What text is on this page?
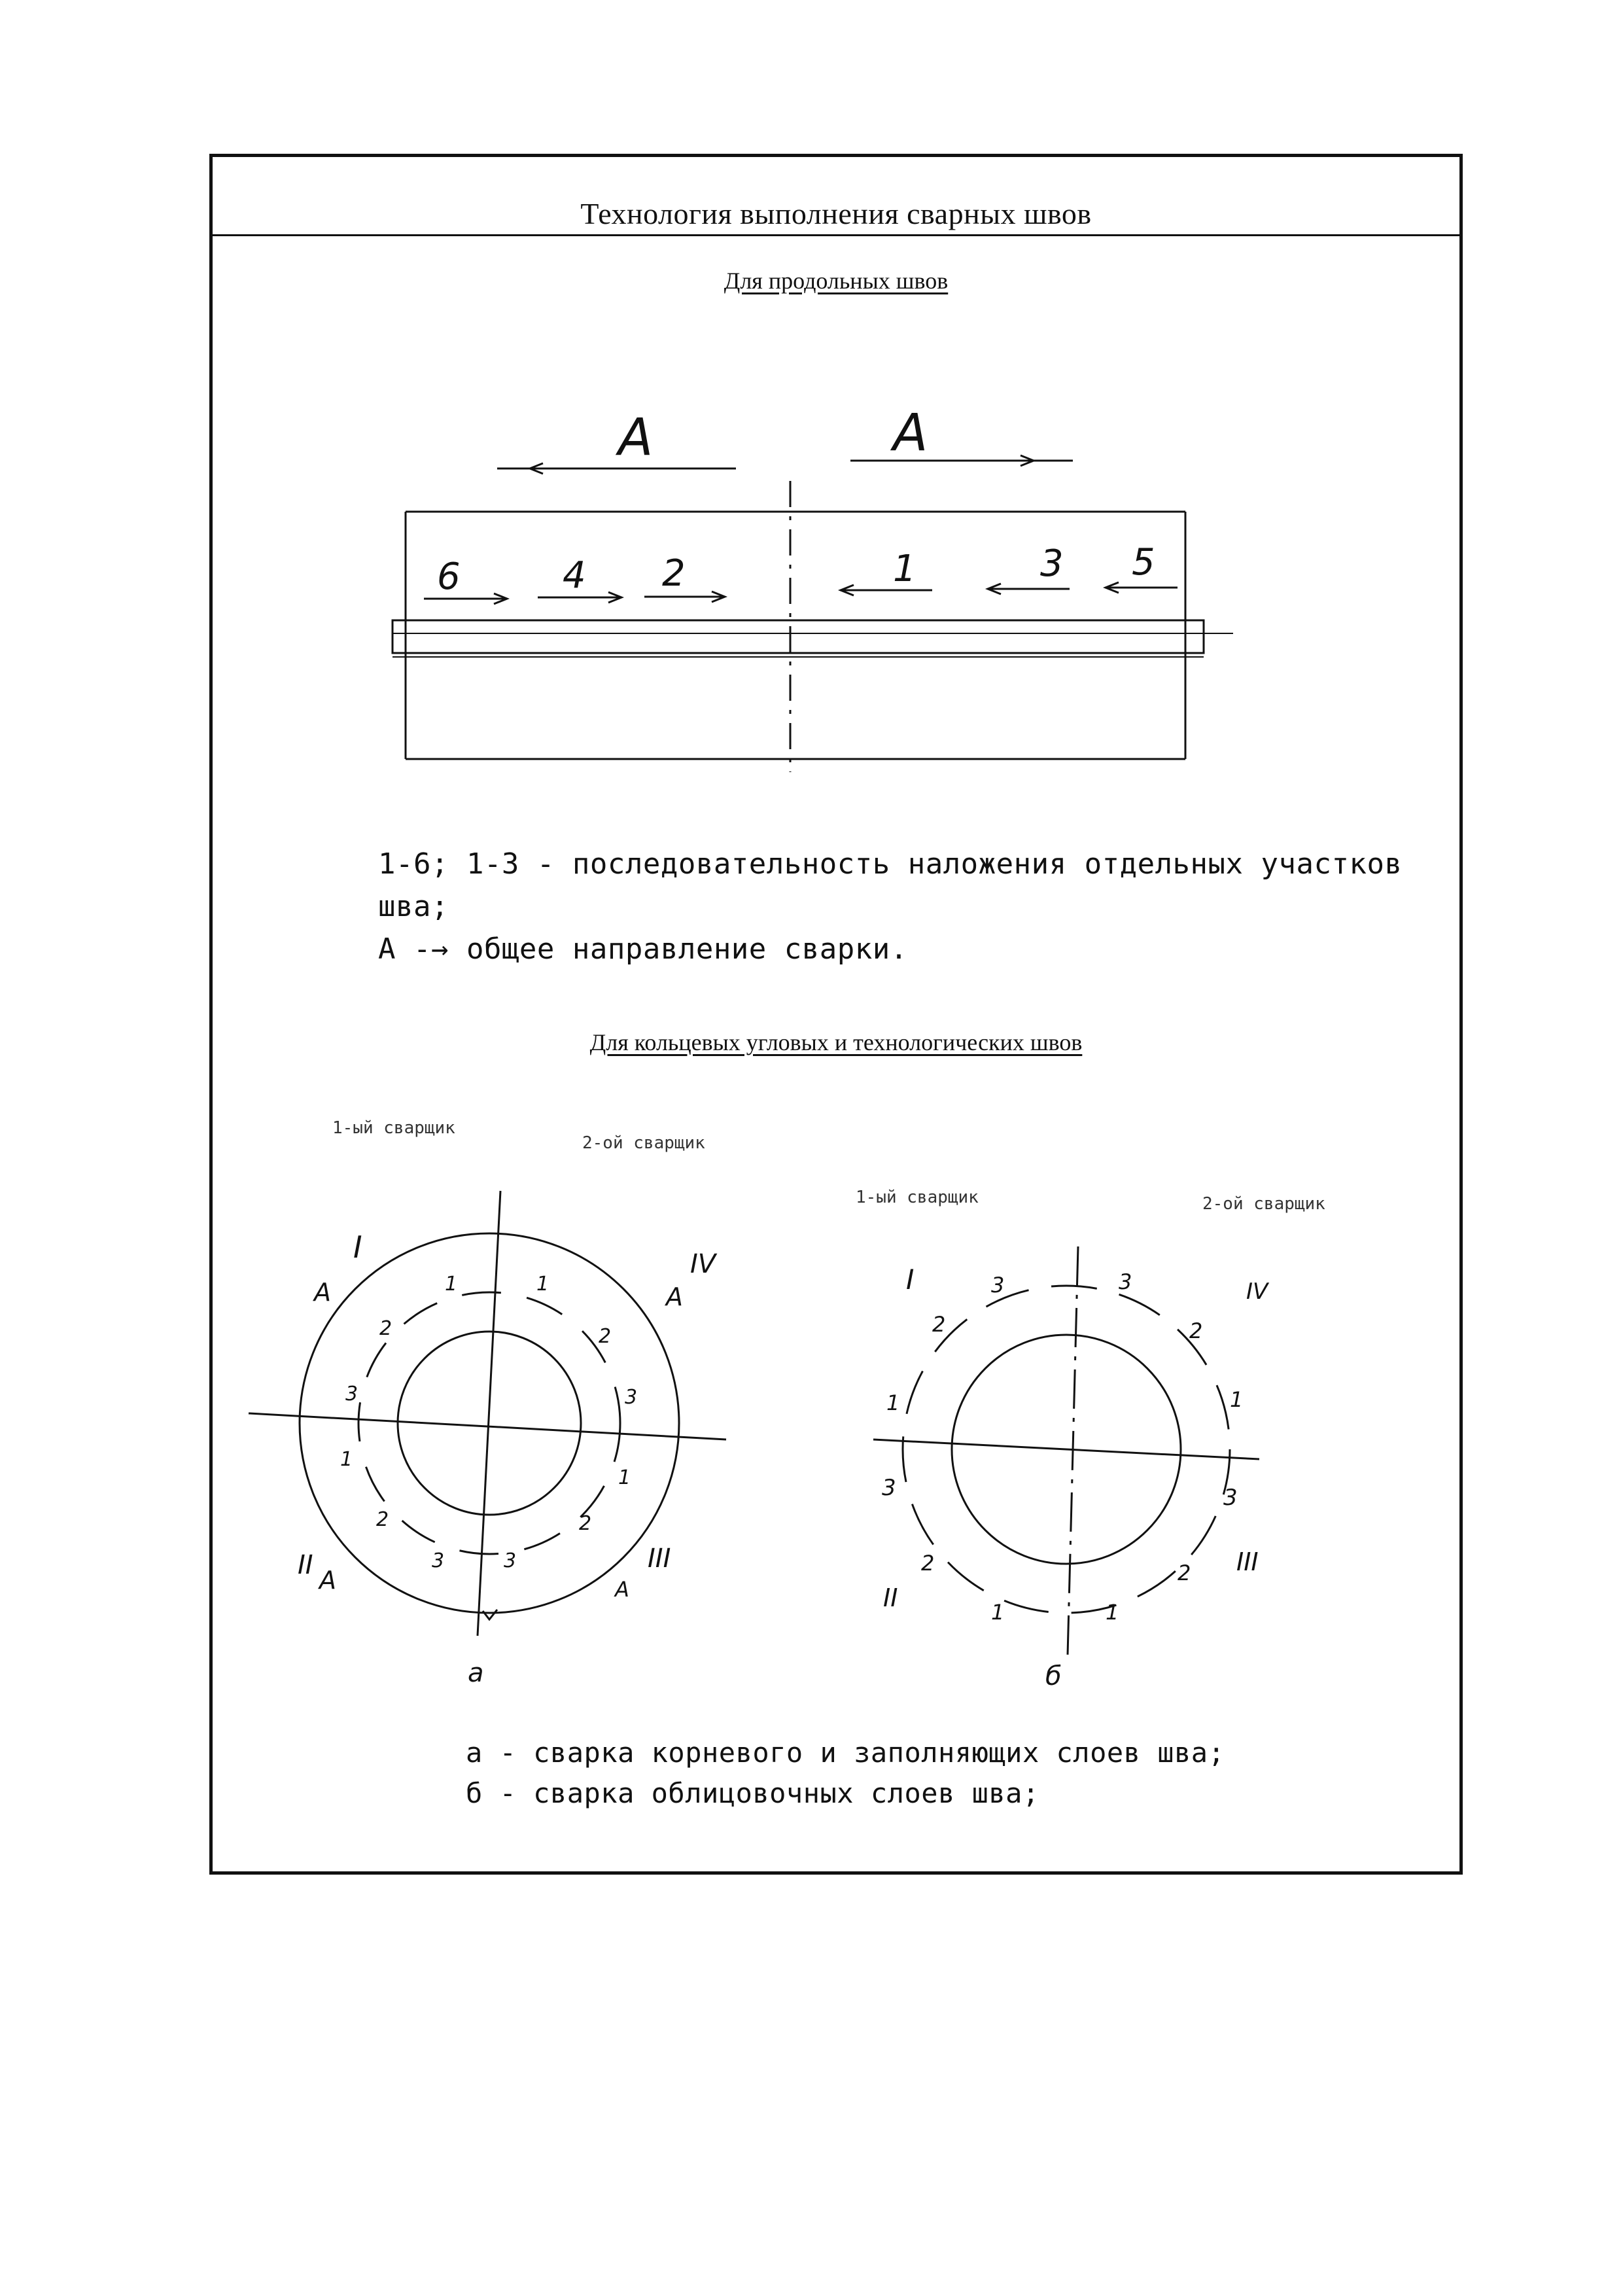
Технология выполнения сварных швов
Для продольных швов
А	А
6	4 2	1	3 5
1-6; 1-3 - последовательность наложения отдельных участков
шва;
А -→ общее направление сварки.
Для кольцевых угловых и технологических швов
1-ый сварщик
2-ой сварщик
1-ый сварщик	2-ой сварщик
I	IV
II	III
А	А
А	А
1	1
2	2
3	3
1
1
2	2
3	3
а
I	IV
II
III
3	3
2	2
1	1
3	3
2	2
1	1
б
а - сварка корневого и заполняющих слоев шва;
б - сварка облицовочных слоев шва;
